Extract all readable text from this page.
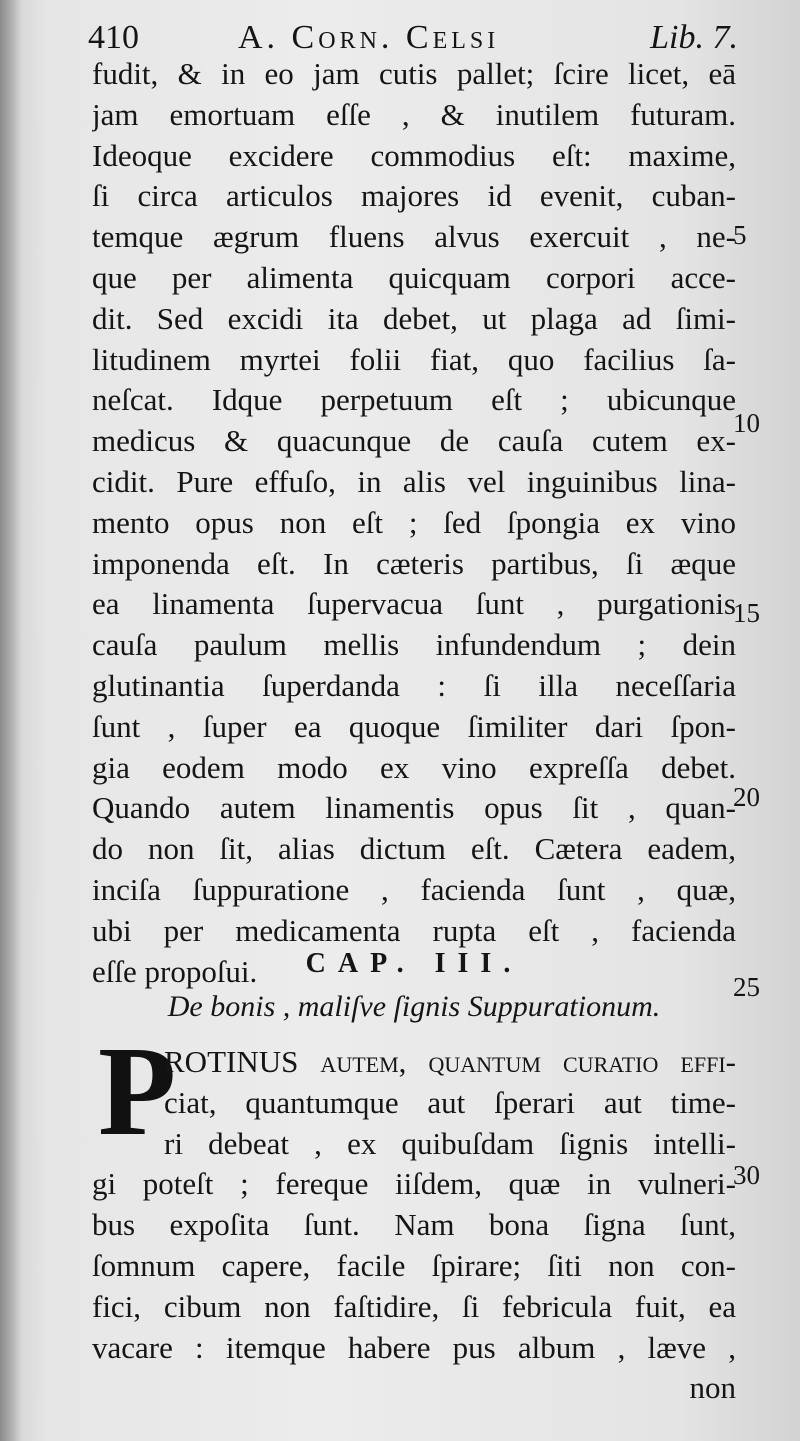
410	A. Corn. Celsi	Lib. 7.
fudit, & in eo jam cutis pallet; ſcire licet, eā
jam emortuam eſſe , & inutilem futuram.
Ideoque excidere commodius eſt: maxime,
ſi circa articulos majores id evenit, cuban-
temque ægrum fluens alvus exercuit , ne-
que per alimenta quicquam corpori acce-
dit. Sed excidi ita debet, ut plaga ad ſimi-
litudinem myrtei folii fiat, quo facilius ſa-
neſcat. Idque perpetuum eſt ; ubicunque
medicus & quacunque de cauſa cutem ex-
cidit. Pure effuſo, in alis vel inguinibus lina-
mento opus non eſt ; ſed ſpongia ex vino
imponenda eſt. In cæteris partibus, ſi æque
ea linamenta ſupervacua ſunt , purgationis
cauſa paulum mellis infundendum ; dein
glutinantia ſuperdanda : ſi illa neceſſaria
ſunt , ſuper ea quoque ſimiliter dari ſpon-
gia eodem modo ex vino expreſſa debet.
Quando autem linamentis opus ſit , quan-
do non ſit, alias dictum eſt. Cætera eadem,
inciſa ſuppuratione , facienda ſunt , quæ,
ubi per medicamenta rupta eſt , facienda
eſſe propoſui.
5
10
15
20
25
30
CAP. III.
De bonis , maliſve ſignis Suppurationum.
P
ROTINUS autem, quantum curatio effi-
ciat, quantumque aut ſperari aut time-
ri debeat , ex quibuſdam ſignis intelli-
gi poteſt ; fereque iiſdem, quæ in vulneri-
bus expoſita ſunt. Nam bona ſigna ſunt,
ſomnum capere, facile ſpirare; ſiti non con-
fici, cibum non faſtidire, ſi febricula fuit, ea
vacare : itemque habere pus album , læve ,
non
